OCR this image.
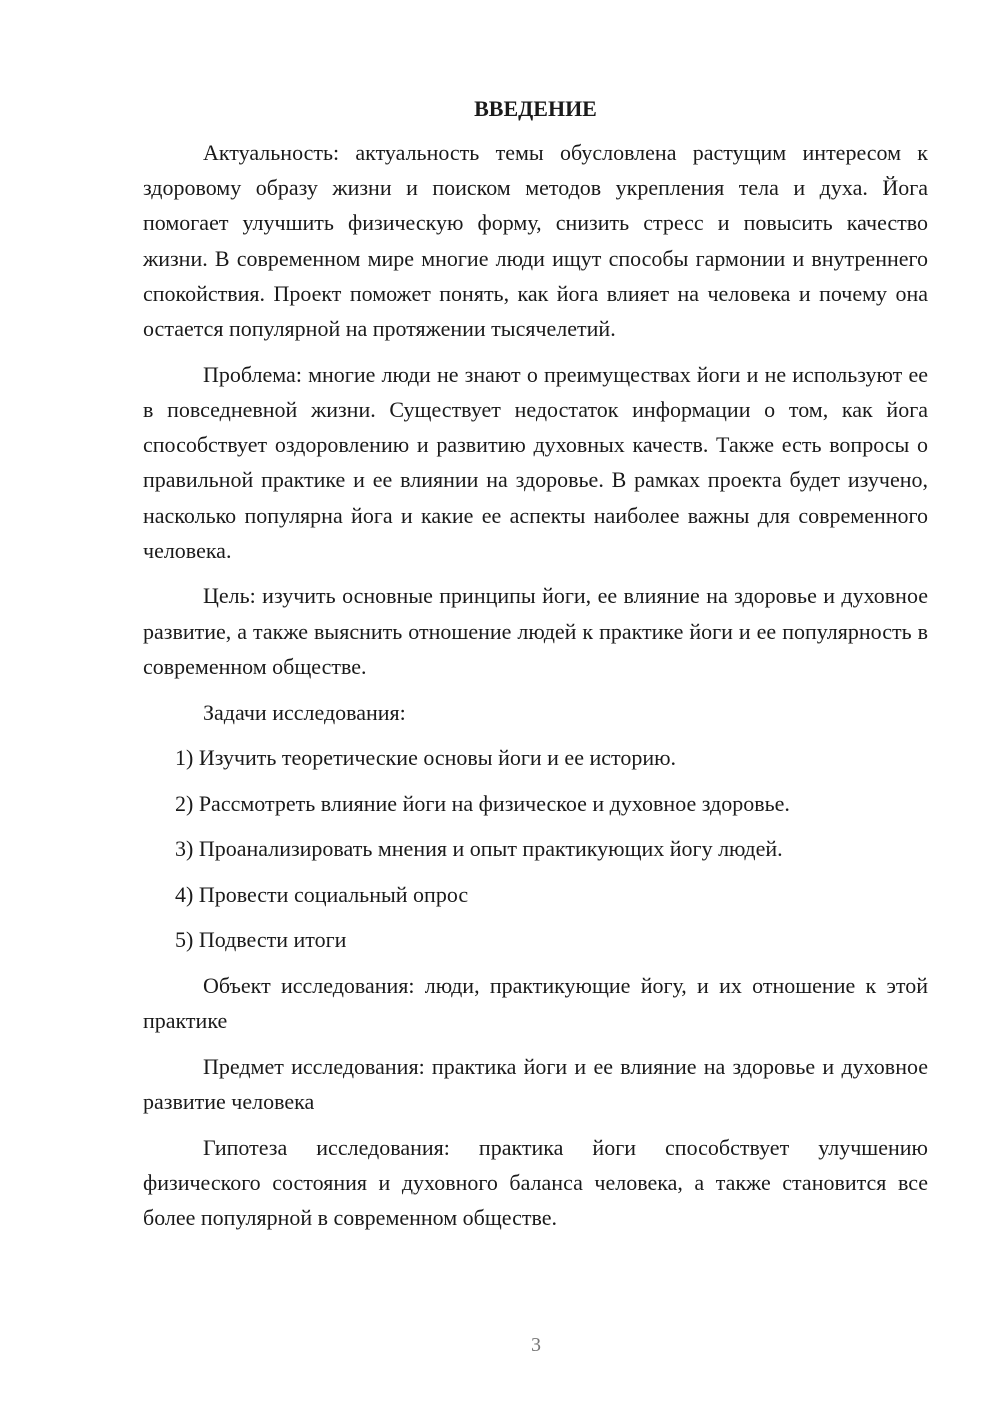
ВВЕДЕНИЕ

Актуальность: актуальность темы обусловлена растущим интересом к здоровому образу жизни и поиском методов укрепления тела и духа. Йога помогает улучшить физическую форму, снизить стресс и повысить качество жизни. В современном мире многие люди ищут способы гармонии и внутреннего спокойствия. Проект поможет понять, как йога влияет на человека и почему она остается популярной на протяжении тысячелетий.

Проблема: многие люди не знают о преимуществах йоги и не используют ее в повседневной жизни. Существует недостаток информации о том, как йога способствует оздоровлению и развитию духовных качеств. Также есть вопросы о правильной практике и ее влиянии на здоровье. В рамках проекта будет изучено, насколько популярна йога и какие ее аспекты наиболее важны для современного человека.

Цель: изучить основные принципы йоги, ее влияние на здоровье и духовное развитие, а также выяснить отношение людей к практике йоги и ее популярность в современном обществе.

Задачи исследования:

1) Изучить теоретические основы йоги и ее историю.
2) Рассмотреть влияние йоги на физическое и духовное здоровье.
3) Проанализировать мнения и опыт практикующих йогу людей.
4) Провести социальный опрос
5) Подвести итоги

Объект исследования: люди, практикующие йогу, и их отношение к этой практике

Предмет исследования: практика йоги и ее влияние на здоровье и духовное развитие человека

Гипотеза исследования: практика йоги способствует улучшению физического состояния и духовного баланса человека, а также становится все более популярной в современном обществе.

3
